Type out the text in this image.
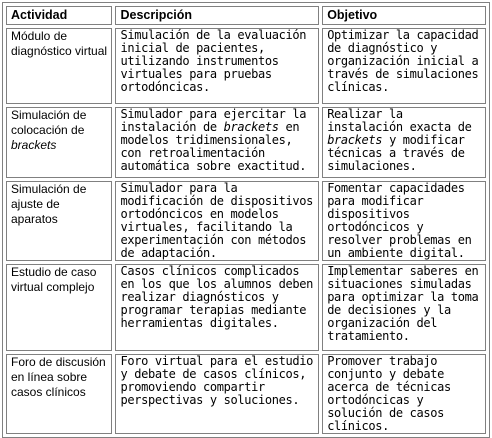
Actividad	Descripción	Objetivo
Módulo de diagnóstico virtual	Simulación de la evaluación inicial de pacientes, utilizando instrumentos virtuales para pruebas ortodóncicas.	Optimizar la capacidad de diagnóstico y organización inicial a través de simulaciones clínicas.
Simulación de colocación de brackets	Simulador para ejercitar la instalación de brackets en modelos tridimensionales, con retroalimentación automática sobre exactitud.	Realizar la instalación exacta de brackets y modificar técnicas a través de simulaciones.
Simulación de ajuste de aparatos	Simulador para la modificación de dispositivos ortodóncicos en modelos virtuales, facilitando la experimentación con métodos de adaptación.	Fomentar capacidades para modificar dispositivos ortodóncicos y resolver problemas en un ambiente digital.
Estudio de caso virtual complejo	Casos clínicos complicados en los que los alumnos deben realizar diagnósticos y programar terapias mediante herramientas digitales.	Implementar saberes en situaciones simuladas para optimizar la toma de decisiones y la organización del tratamiento.
Foro de discusión en línea sobre casos clínicos	Foro virtual para el estudio y debate de casos clínicos, promoviendo compartir perspectivas y soluciones.	Promover trabajo conjunto y debate acerca de técnicas ortodóncicas y solución de casos clínicos.
